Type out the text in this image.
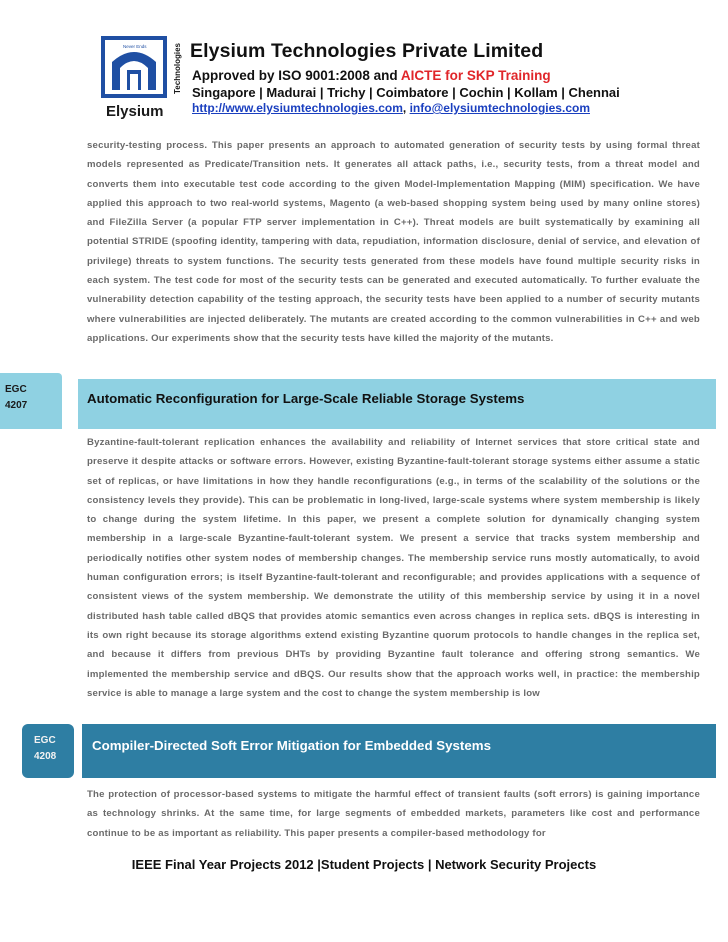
Technologies
Elysium
Never Ends Elysium Technologies Private Limited
Approved by ISO 9001:2008 and AICTE for SKP Training
Singapore | Madurai | Trichy | Coimbatore | Cochin | Kollam | Chennai
http://www.elysiumtechnologies.com, info@elysiumtechnologies.com

security-testing process. This paper presents an approach to automated generation of security tests by using formal threat models represented as Predicate/Transition nets. It generates all attack paths, i.e., security tests, from a threat model and converts them into executable test code according to the given Model-Implementation Mapping (MIM) specification. We have applied this approach to two real-world systems, Magento (a web-based shopping system being used by many online stores) and FileZilla Server (a popular FTP server implementation in C++). Threat models are built systematically by examining all potential STRIDE (spoofing identity, tampering with data, repudiation, information disclosure, denial of service, and elevation of privilege) threats to system functions. The security tests generated from these models have found multiple security risks in each system. The test code for most of the security tests can be generated and executed automatically. To further evaluate the vulnerability detection capability of the testing approach, the security tests have been applied to a number of security mutants where vulnerabilities are injected deliberately. The mutants are created according to the common vulnerabilities in C++ and web applications. Our experiments show that the security tests have killed the majority of the mutants.

EGC
4207	Automatic Reconfiguration for Large-Scale Reliable Storage Systems

Byzantine-fault-tolerant replication enhances the availability and reliability of Internet services that store critical state and preserve it despite attacks or software errors. However, existing Byzantine-fault-tolerant storage systems either assume a static set of replicas, or have limitations in how they handle reconfigurations (e.g., in terms of the scalability of the solutions or the consistency levels they provide). This can be problematic in long-lived, large-scale systems where system membership is likely to change during the system lifetime. In this paper, we present a complete solution for dynamically changing system membership in a large-scale Byzantine-fault-tolerant system. We present a service that tracks system membership and periodically notifies other system nodes of membership changes. The membership service runs mostly automatically, to avoid human configuration errors; is itself Byzantine-fault-tolerant and reconfigurable; and provides applications with a sequence of consistent views of the system membership. We demonstrate the utility of this membership service by using it in a novel distributed hash table called dBQS that provides atomic semantics even across changes in replica sets. dBQS is interesting in its own right because its storage algorithms extend existing Byzantine quorum protocols to handle changes in the replica set, and because it differs from previous DHTs by providing Byzantine fault tolerance and offering strong semantics. We implemented the membership service and dBQS. Our results show that the approach works well, in practice: the membership service is able to manage a large system and the cost to change the system membership is low

EGC
4208
Compiler-Directed Soft Error Mitigation for Embedded Systems

The protection of processor-based systems to mitigate the harmful effect of transient faults (soft errors) is gaining importance as technology shrinks. At the same time, for large segments of embedded markets, parameters like cost and performance continue to be as important as reliability. This paper presents a compiler-based methodology for

IEEE Final Year Projects 2012 |Student Projects | Network Security Projects
